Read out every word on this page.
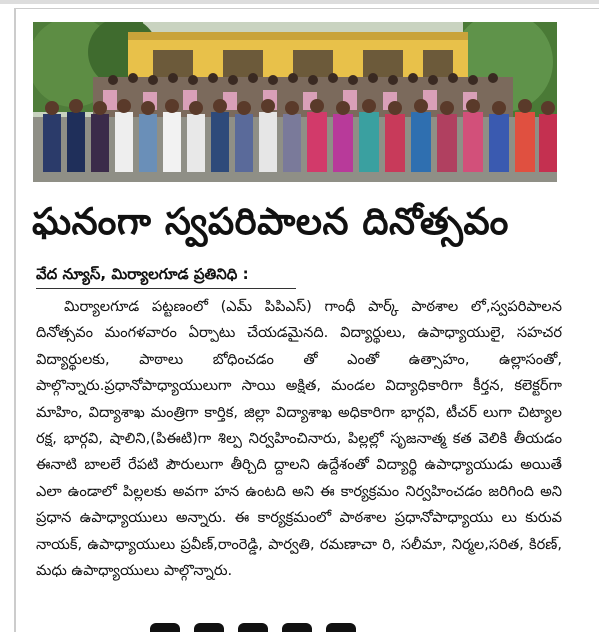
ఘనంగా స్వపరిపాలన దినోత్సవం
వేద న్యూస్, మిర్యాలగూడ ప్రతినిధి :
మిర్యాలగూడ పట్టణంలో (ఎమ్ పిపిఎస్) గాంధీ పార్క్ పాఠశాల లో,స్వపరిపాలన దినోత్సవం మంగళవారం ఏర్పాటు చేయడమైనది. విద్యార్థులు, ఉపాధ్యాయులై, సహచర విద్యార్థులకు, పాఠాలు బోధించడం తో ఎంతో ఉత్సాహం, ఉల్లాసంతో, పాల్గొన్నారు.ప్రధానోపాధ్యాయులుగా సాయి అక్షిత, మండల విద్యాధికారిగా కీర్తన, కలెక్టర్‌గా మాహిం, విద్యాశాఖ మంత్రిగా కార్తిక, జిల్లా విద్యాశాఖ అధికారిగా భార్గవి, టీచర్ లుగా చిట్యాల రక్ష, భార్గవి, షాలిని,(పిఈటి)గా శిల్ప నిర్వహించినారు, పిల్లల్లో సృజనాత్మ కత వెలికి తీయడం ఈనాటి బాలలే రేపటి పౌరులుగా తీర్చిది ద్దాలని ఉద్దేశంతో విద్యార్థి ఉపాధ్యాయుడు అయితే ఎలా ఉండాలో పిల్లలకు అవగా హన ఉంటది అని ఈ కార్యక్రమం నిర్వహించడం జరిగింది అని ప్రధాన ఉపాధ్యాయులు అన్నారు. ఈ కార్యక్రమంలో పాఠశాల ప్రధానోపాధ్యాయు లు కురువ నాయక్, ఉపాధ్యాయులు ప్రవీణ్,రాంరెడ్డి, పార్వతి, రమణాచా రి, సలీమా, నిర్మల,సరిత, కిరణ్, మధు ఉపాధ్యాయులు పాల్గొన్నారు.
